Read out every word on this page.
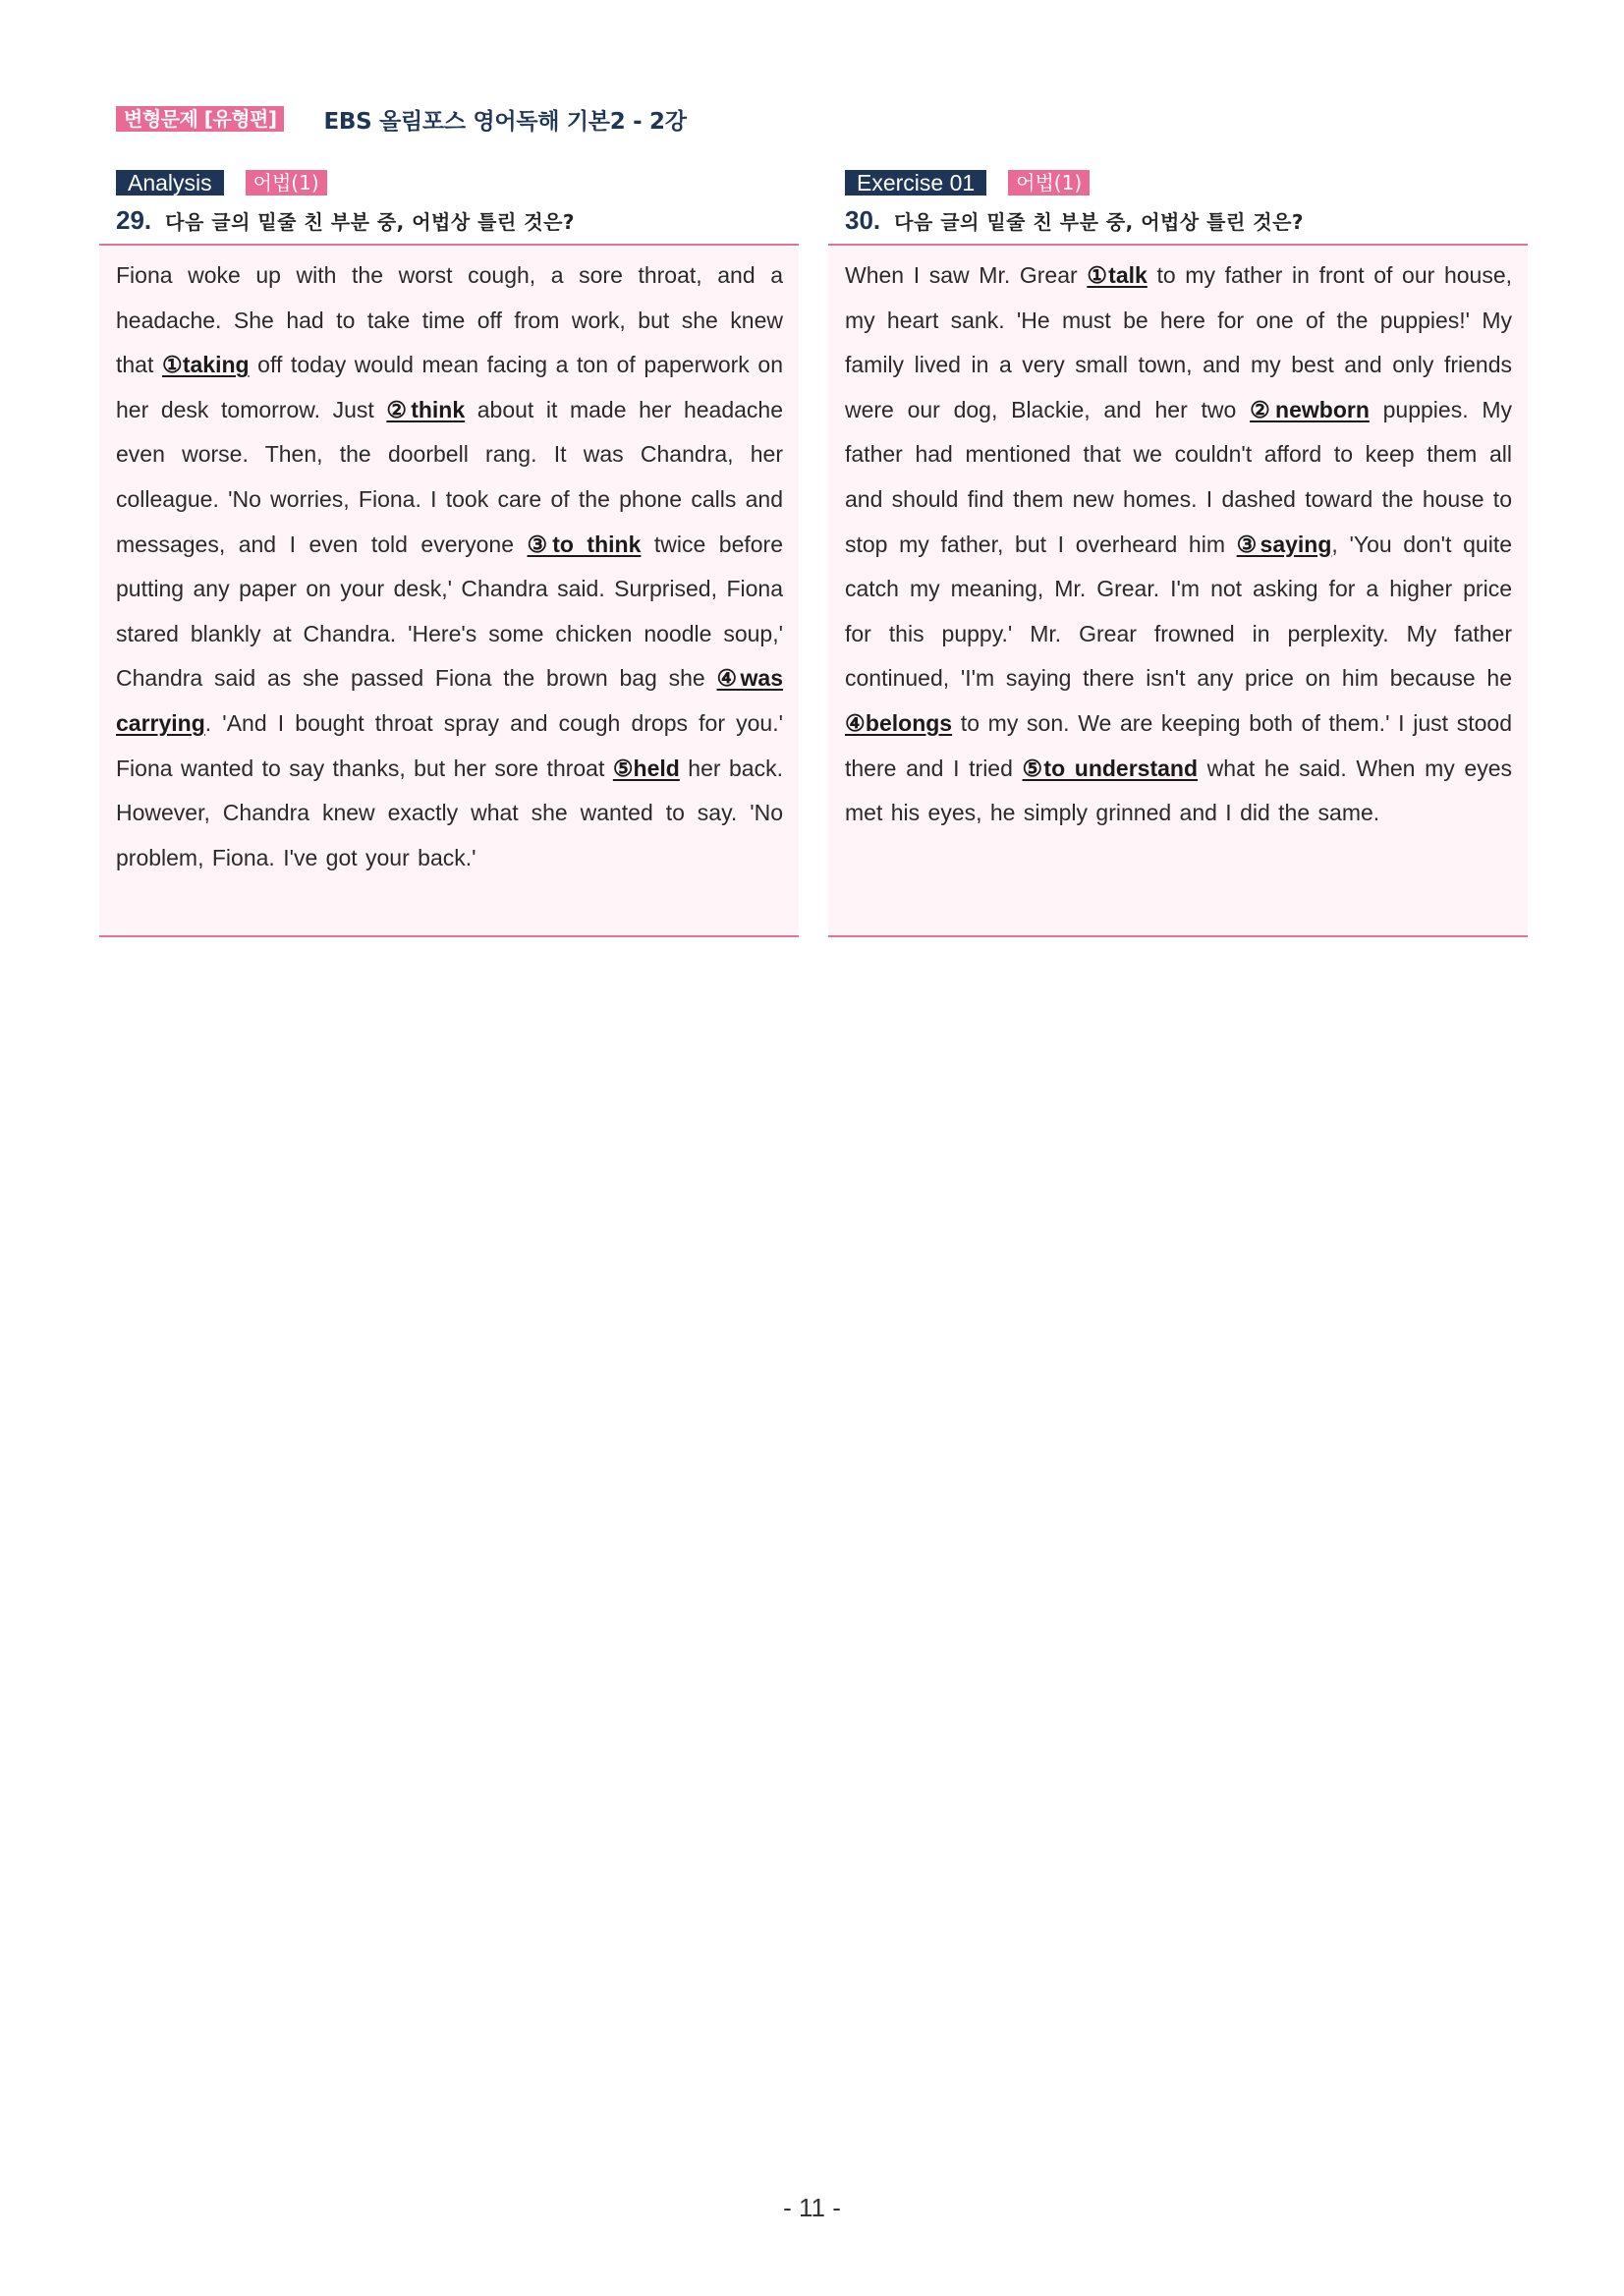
변형문제 [유형편]	EBS 올림포스 영어독해 기본2 - 2강
Analysis	어법(1)
29. 다음 글의 밑줄 친 부분 중, 어법상 틀린 것은?

Fiona woke up with the worst cough, a sore throat, and a headache. She had to take time off from work, but she knew that ①taking off today would mean facing a ton of paperwork on her desk tomorrow. Just ②think about it made her headache even worse. Then, the doorbell rang. It was Chandra, her colleague. 'No worries, Fiona. I took care of the phone calls and messages, and I even told everyone ③to think twice before putting any paper on your desk,' Chandra said. Surprised, Fiona stared blankly at Chandra. 'Here's some chicken noodle soup,' Chandra said as she passed Fiona the brown bag she ④was carrying. 'And I bought throat spray and cough drops for you.' Fiona wanted to say thanks, but her sore throat ⑤held her back. However, Chandra knew exactly what she wanted to say. 'No problem, Fiona. I've got your back.'

Exercise 01	어법(1)
30. 다음 글의 밑줄 친 부분 중, 어법상 틀린 것은?

When I saw Mr. Grear ①talk to my father in front of our house, my heart sank. 'He must be here for one of the puppies!' My family lived in a very small town, and my best and only friends were our dog, Blackie, and her two ②newborn puppies. My father had mentioned that we couldn't afford to keep them all and should find them new homes. I dashed toward the house to stop my father, but I overheard him ③saying, 'You don't quite catch my meaning, Mr. Grear. I'm not asking for a higher price for this puppy.' Mr. Grear frowned in perplexity. My father continued, 'I'm saying there isn't any price on him because he ④belongs to my son. We are keeping both of them.' I just stood there and I tried ⑤to understand what he said. When my eyes met his eyes, he simply grinned and I did the same.

- 11 -
